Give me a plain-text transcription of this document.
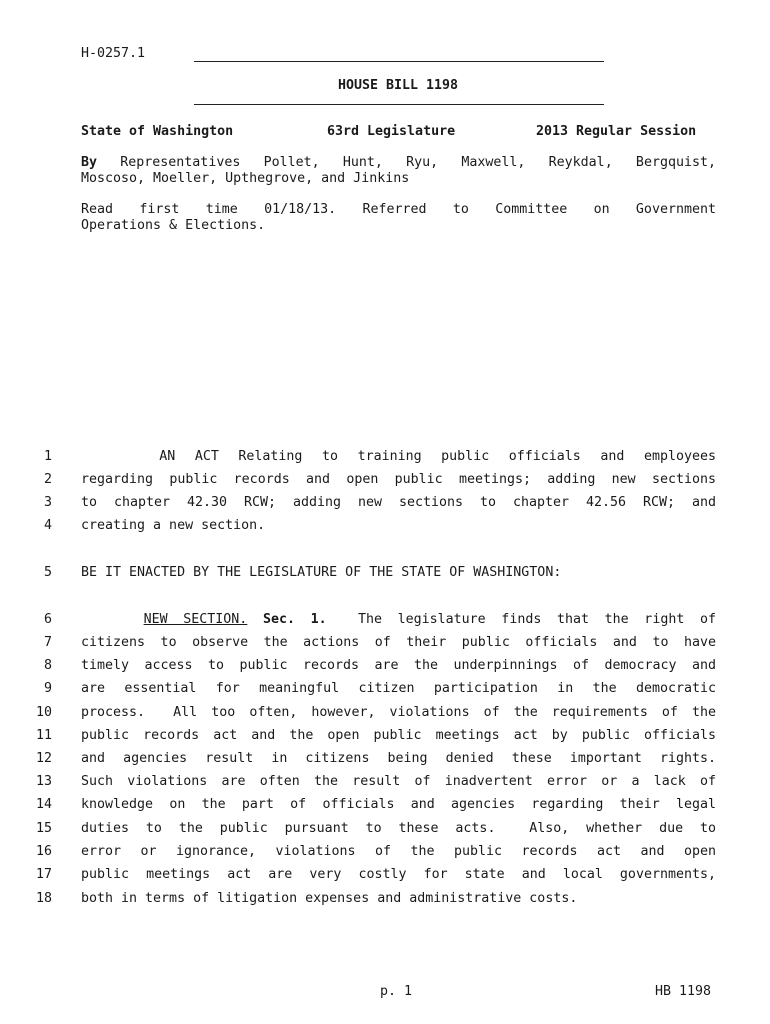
H-0257.1
HOUSE BILL 1198
State of Washington	63rd Legislature	2013 Regular Session
By Representatives Pollet, Hunt, Ryu, Maxwell, Reykdal, Bergquist,
Moscoso, Moeller, Upthegrove, and Jinkins
Read first time 01/18/13. Referred to Committee on Government
Operations & Elections.
1 AN ACT Relating to training public officials and employees
2 regarding public records and open public meetings; adding new sections
3 to chapter 42.30 RCW; adding new sections to chapter 42.56 RCW; and
4 creating a new section.
5 BE IT ENACTED BY THE LEGISLATURE OF THE STATE OF WASHINGTON:
6	NEW SECTION. Sec. 1.  The legislature finds that the right of
7 citizens to observe the actions of their public officials and to have
8 timely access to public records are the underpinnings of democracy and
9 are essential for meaningful citizen participation in the democratic
10 process.  All too often, however, violations of the requirements of the
11 public records act and the open public meetings act by public officials
12 and agencies result in citizens being denied these important rights.
13 Such violations are often the result of inadvertent error or a lack of
14 knowledge on the part of officials and agencies regarding their legal
15 duties to the public pursuant to these acts.  Also, whether due to
16 error or ignorance, violations of the public records act and open
17 public meetings act are very costly for state and local governments,
18 both in terms of litigation expenses and administrative costs.
p. 1	HB 1198
